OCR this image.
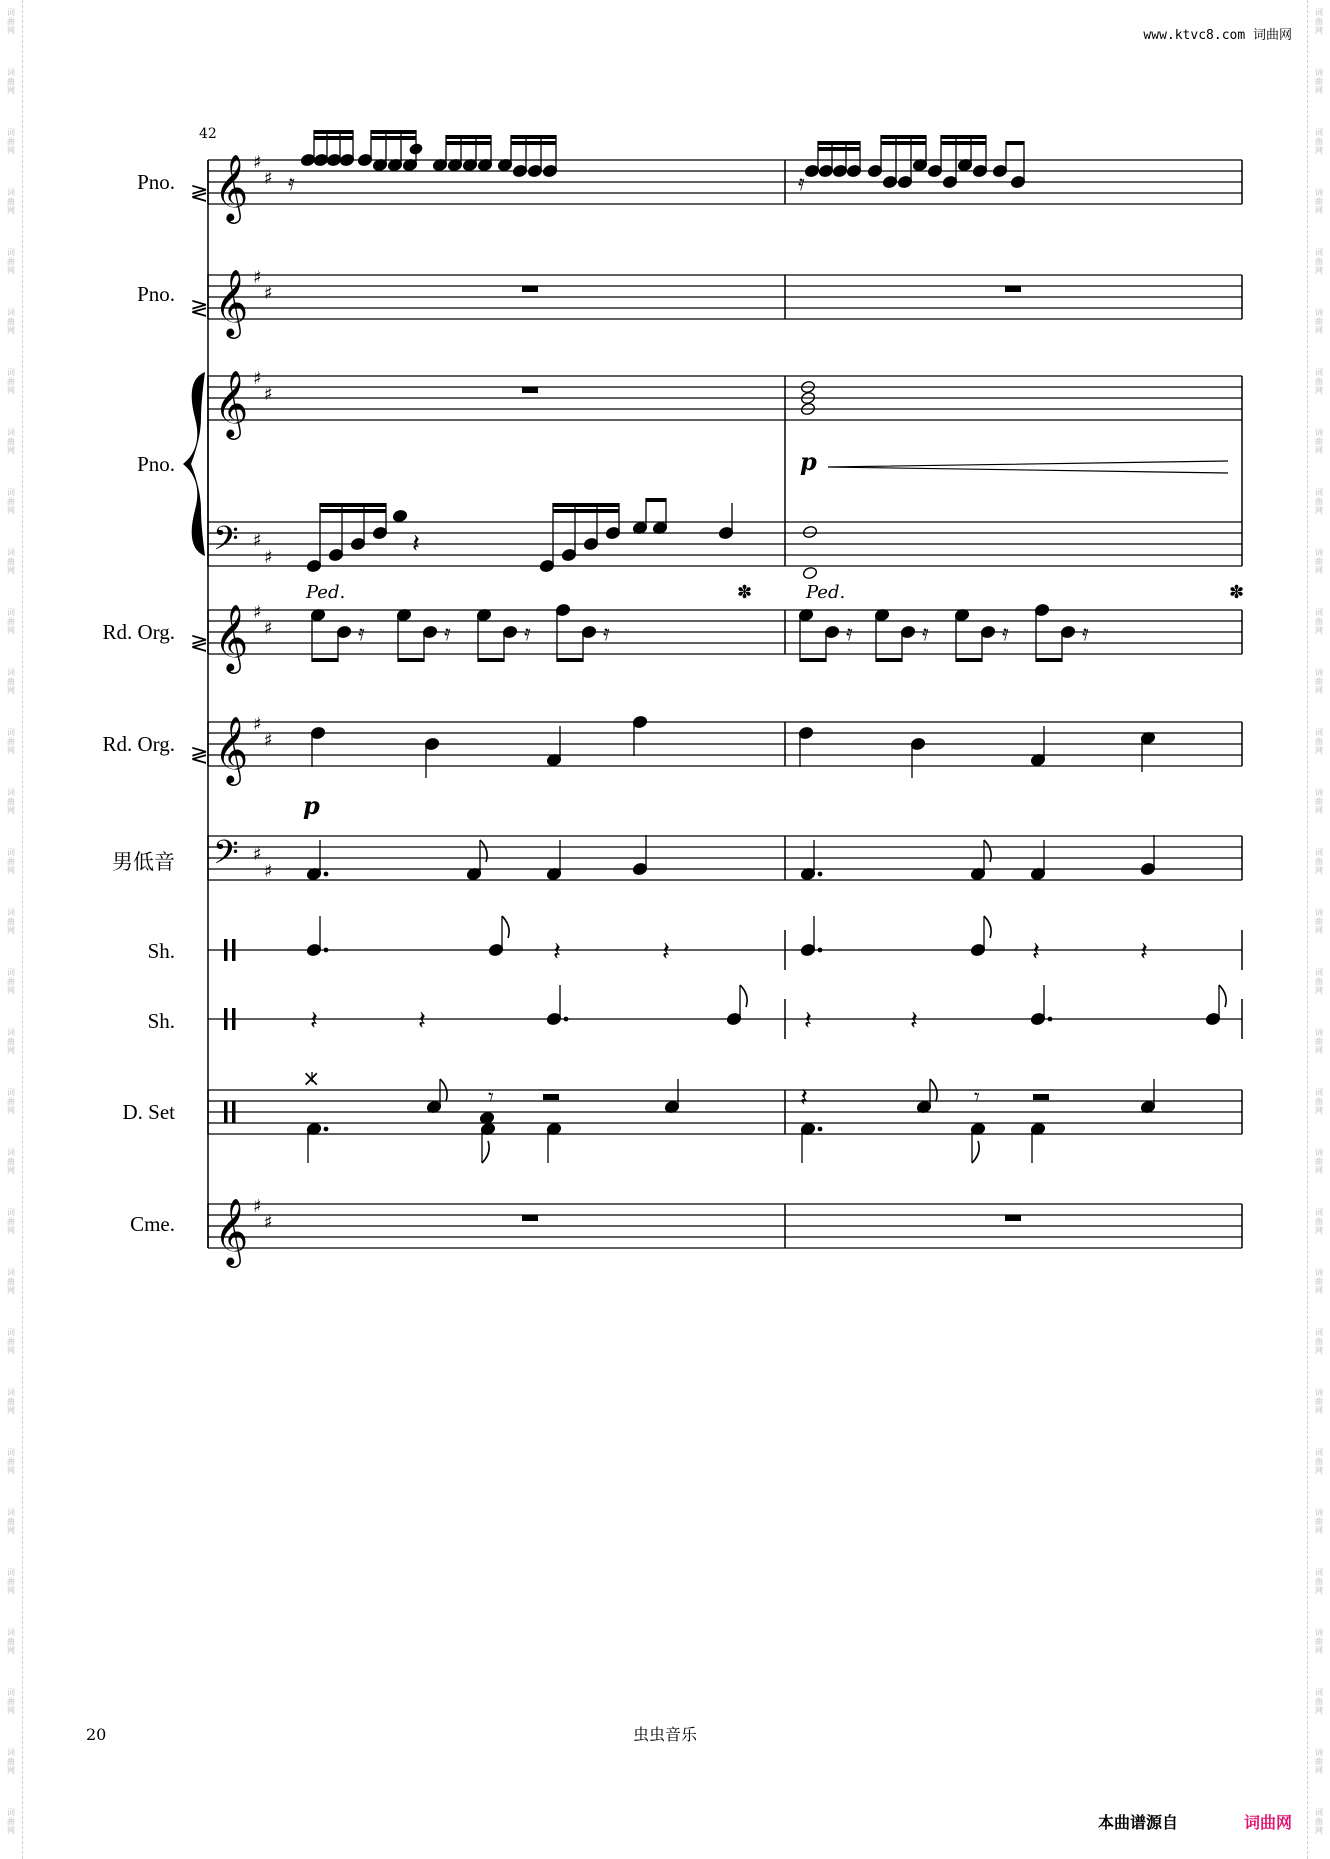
词
曲
网
词
曲
网
词
曲
网
词
曲
网
词
曲
网
词
曲
网
词
曲
网
词
曲
网
词
曲
网
词
曲
网
词
曲
网
词
曲
网
词
曲
网
词
曲
网
词
曲
网
词
曲
网
词
曲
网
词
曲
网
词
曲
网
词
曲
网
词
曲
网
词
曲
网
词
曲
网
词
曲
网
词
曲
网
词
曲
网
词
曲
网
词
曲
网
词
曲
网
词
曲
网
词
曲
网
词
曲
网
词
曲
网
词
曲
网
词
曲
网
词
曲
网
词
曲
网
词
曲
网
词
曲
网
词
曲
网
词
曲
网
词
曲
网
词
曲
网
词
曲
网
词
曲
网
词
曲
网
词
曲
网
词
曲
网
词
曲
网
词
曲
网
词
曲
网
词
曲
网
词
曲
网
词
曲
网
词
曲
网
词
曲
网
词
曲
网
词
曲
网
词
曲
网
词
曲
网
词
曲
网
词
曲
网
www.ktvc8.com 词曲网
42
Pno.
Pno.
Pno.
Rd. Org.
Rd. Org.
男低音
Sh.
Sh.
D. Set
Cme.
𝄞 ♯
♯
≷	𝄿	𝄿
𝄞 ♯
♯
≷
𝄞 ♯
♯
𝄢 ♯
♯
p
𝄽
Ped.	✽	Ped.	✽
𝄞 ♯
♯
≷	𝄿	𝄿	𝄿	𝄿	𝄿	𝄿	𝄿	𝄿
𝄞 ♯
♯
≷
p
𝄢 ♯
♯
𝄽	𝄽	𝄽	𝄽
𝄽	𝄽	𝄽	𝄽
×
𝄾	𝄽	𝄾
𝄞 ♯
♯
20	虫虫音乐
本曲谱源自	词曲网
